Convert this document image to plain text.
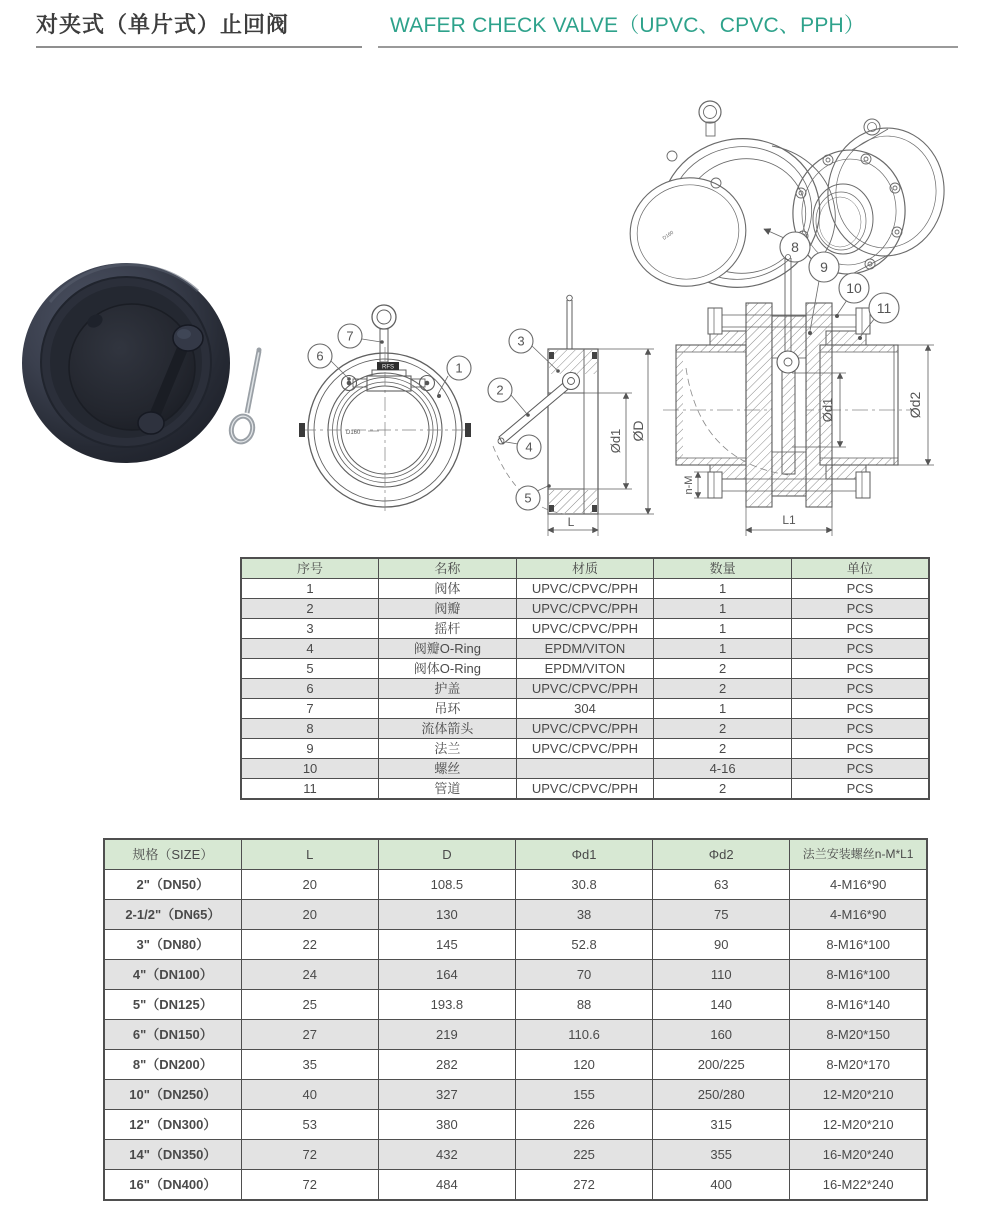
对夹式（单片式）止回阀	WAFER CHECK VALVE（UPVC、CPVC、PPH）
RFS
D160
7
6
1
Ød1 ØD
L
3
2
4
5
D160
8
Ød1	Ød2
L1
n-M
9
10
11
序号	名称	材质	数量	单位
1	阀体	UPVC/CPVC/PPH	1	PCS
2	阀瓣	UPVC/CPVC/PPH	1	PCS
3	摇杆	UPVC/CPVC/PPH	1	PCS
4	阀瓣O-Ring	EPDM/VITON	1	PCS
5	阀体O-Ring	EPDM/VITON	2	PCS
6	护盖	UPVC/CPVC/PPH	2	PCS
7	吊环	304	1	PCS
8	流体箭头	UPVC/CPVC/PPH	2	PCS
9	法兰	UPVC/CPVC/PPH	2	PCS
10	螺丝		4-16	PCS
11	管道	UPVC/CPVC/PPH	2	PCS
规格（SIZE）	L	D	Φd1	Φd2	法兰安装螺丝n-M*L1
2"（DN50）	20	108.5	30.8	63	4-M16*90
2-1/2"（DN65）	20	130	38	75	4-M16*90
3"（DN80）	22	145	52.8	90	8-M16*100
4"（DN100）	24	164	70	110	8-M16*100
5"（DN125）	25	193.8	88	140	8-M16*140
6"（DN150）	27	219	110.6	160	8-M20*150
8"（DN200）	35	282	120	200/225	8-M20*170
10"（DN250）	40	327	155	250/280	12-M20*210
12"（DN300）	53	380	226	315	12-M20*210
14"（DN350）	72	432	225	355	16-M20*240
16"（DN400）	72	484	272	400	16-M22*240
